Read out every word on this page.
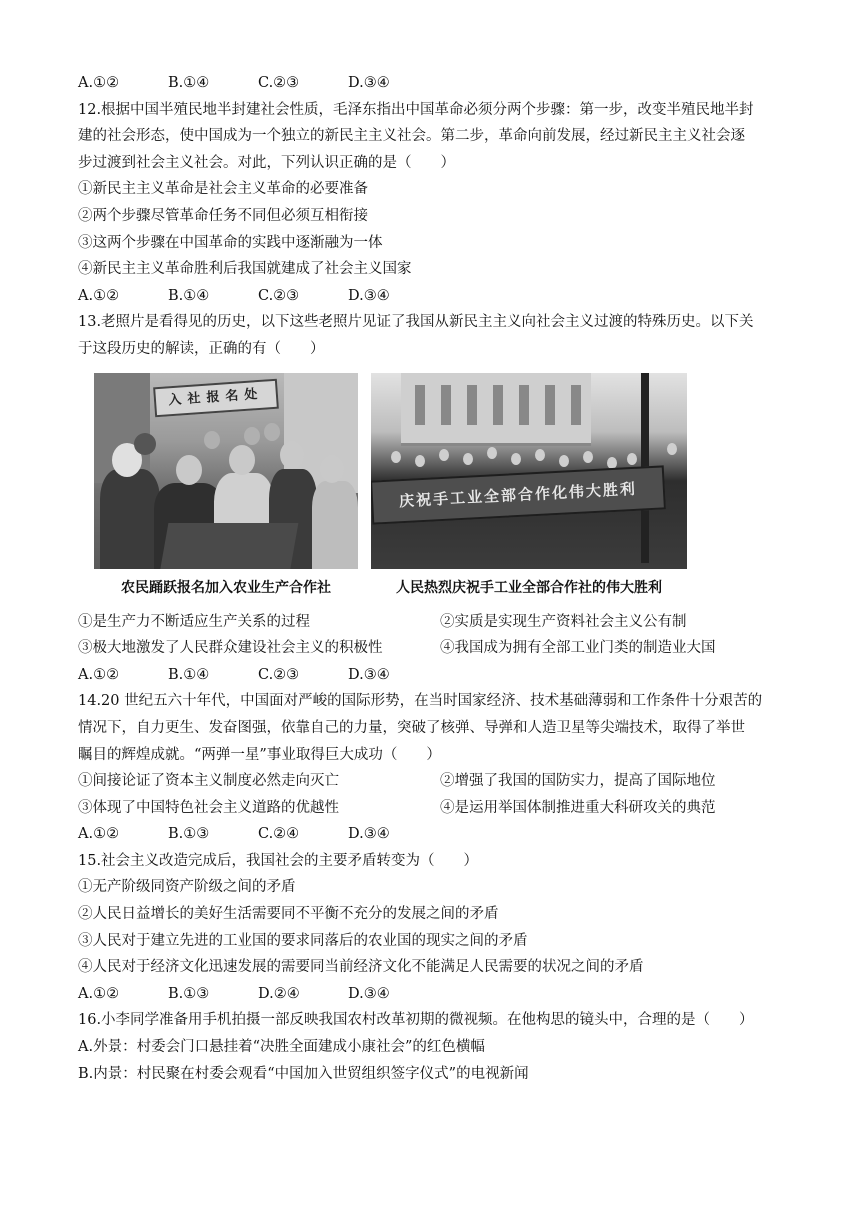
A.①②	B.①④	C.②③	D.③④
12.根据中国半殖民地半封建社会性质，毛泽东指出中国革命必须分两个步骤：第一步，改变半殖民地半封
建的社会形态，使中国成为一个独立的新民主主义社会。第二步，革命向前发展，经过新民主主义社会逐
步过渡到社会主义社会。对此，下列认识正确的是（　　）
①新民主主义革命是社会主义革命的必要准备
②两个步骤尽管革命任务不同但必须互相衔接
③这两个步骤在中国革命的实践中逐渐融为一体
④新民主主义革命胜利后我国就建成了社会主义国家
A.①②	B.①④	C.②③	D.③④
13.老照片是看得见的历史，以下这些老照片见证了我国从新民主主义向社会主义过渡的特殊历史。以下关
于这段历史的解读，正确的有（　　）
入社报名处
农民踊跃报名加入农业生产合作社
庆祝手工业全部合作化伟大胜利
人民热烈庆祝手工业全部合作社的伟大胜利
①是生产力不断适应生产关系的过程	②实质是实现生产资料社会主义公有制
③极大地激发了人民群众建设社会主义的积极性	④我国成为拥有全部工业门类的制造业大国
A.①②	B.①④	C.②③	D.③④
14.20 世纪五六十年代，中国面对严峻的国际形势，在当时国家经济、技术基础薄弱和工作条件十分艰苦的
情况下，自力更生、发奋图强，依靠自己的力量，突破了核弹、导弹和人造卫星等尖端技术，取得了举世
瞩目的辉煌成就。“两弹一星”事业取得巨大成功（　　）
①间接论证了资本主义制度必然走向灭亡	②增强了我国的国防实力，提高了国际地位
③体现了中国特色社会主义道路的优越性	④是运用举国体制推进重大科研攻关的典范
A.①②	B.①③	C.②④	D.③④
15.社会主义改造完成后，我国社会的主要矛盾转变为（　　）
①无产阶级同资产阶级之间的矛盾
②人民日益增长的美好生活需要同不平衡不充分的发展之间的矛盾
③人民对于建立先进的工业国的要求同落后的农业国的现实之间的矛盾
④人民对于经济文化迅速发展的需要同当前经济文化不能满足人民需要的状况之间的矛盾
A.①②	B.①③	D.②④	D.③④
16.小李同学准备用手机拍摄一部反映我国农村改革初期的微视频。在他构思的镜头中，合理的是（　　）
A.外景：村委会门口悬挂着“决胜全面建成小康社会”的红色横幅
B.内景：村民聚在村委会观看“中国加入世贸组织签字仪式”的电视新闻
